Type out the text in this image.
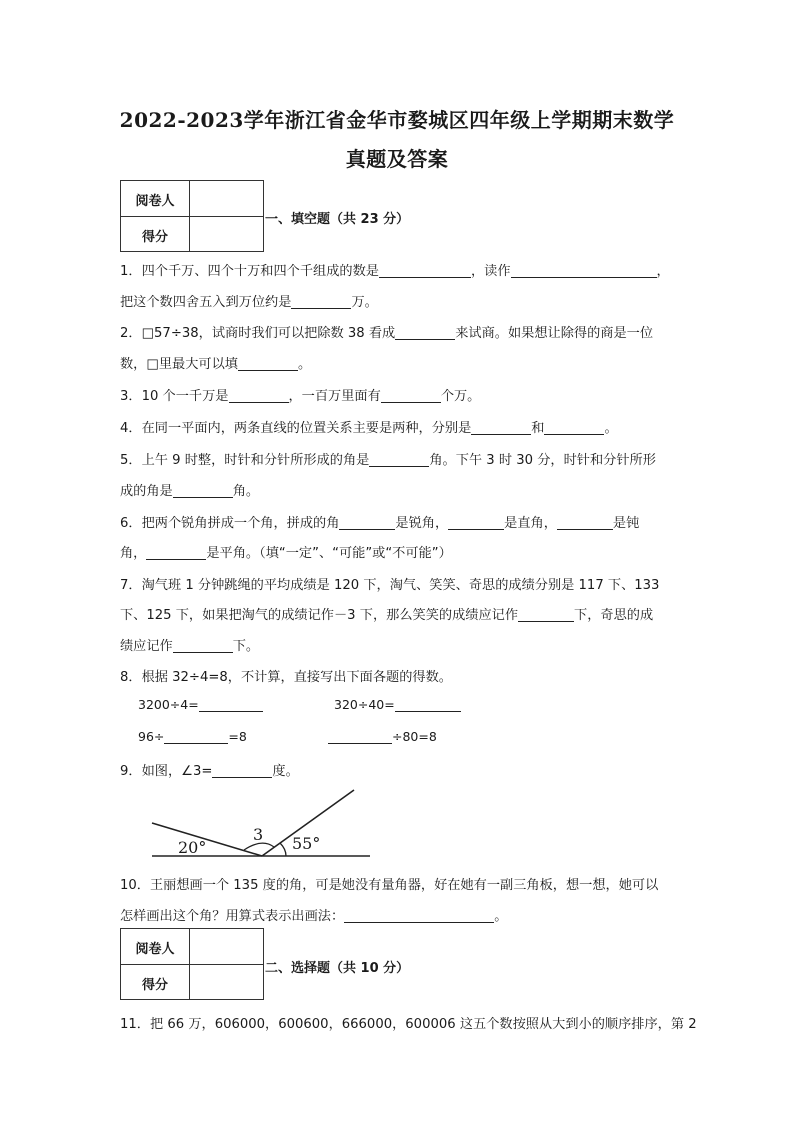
2022-2023学年浙江省金华市婺城区四年级上学期期末数学
真题及答案
阅卷人
得分
一、填空题（共 23 分）
1．四个千万、四个十万和四个千组成的数是	，读作	，
把这个数四舍五入到万位约是	万。
2．□57÷38，试商时我们可以把除数 38 看成	来试商。如果想让除得的商是一位
数，□里最大可以填	。
3．10 个一千万是	，一百万里面有	个万。
4．在同一平面内，两条直线的位置关系主要是两种，分别是	和	。
5．上午 9 时整，时针和分针所形成的角是	角。下午 3 时 30 分，时针和分针所形
成的角是	角。
6．把两个锐角拼成一个角，拼成的角	是锐角，	是直角，	是钝
角，	是平角。（填“一定”、“可能”或“不可能”）
7．淘气班 1 分钟跳绳的平均成绩是 120 下，淘气、笑笑、奇思的成绩分别是 117 下、133
下、125 下，如果把淘气的成绩记作－3 下，那么笑笑的成绩应记作	下，奇思的成
绩应记作	下。
8．根据 32÷4=8，不计算，直接写出下面各题的得数。
3200÷4=	320÷40=
96÷	=8	÷80=8
9．如图，∠3=	度。
20°
3 55°
10．王丽想画一个 135 度的角，可是她没有量角器，好在她有一副三角板，想一想，她可以
怎样画出这个角？用算式表示出画法：	。
阅卷人
得分
二、选择题（共 10 分）
11．把 66 万，606000，600600，666000，600006 这五个数按照从大到小的顺序排序，第 2
